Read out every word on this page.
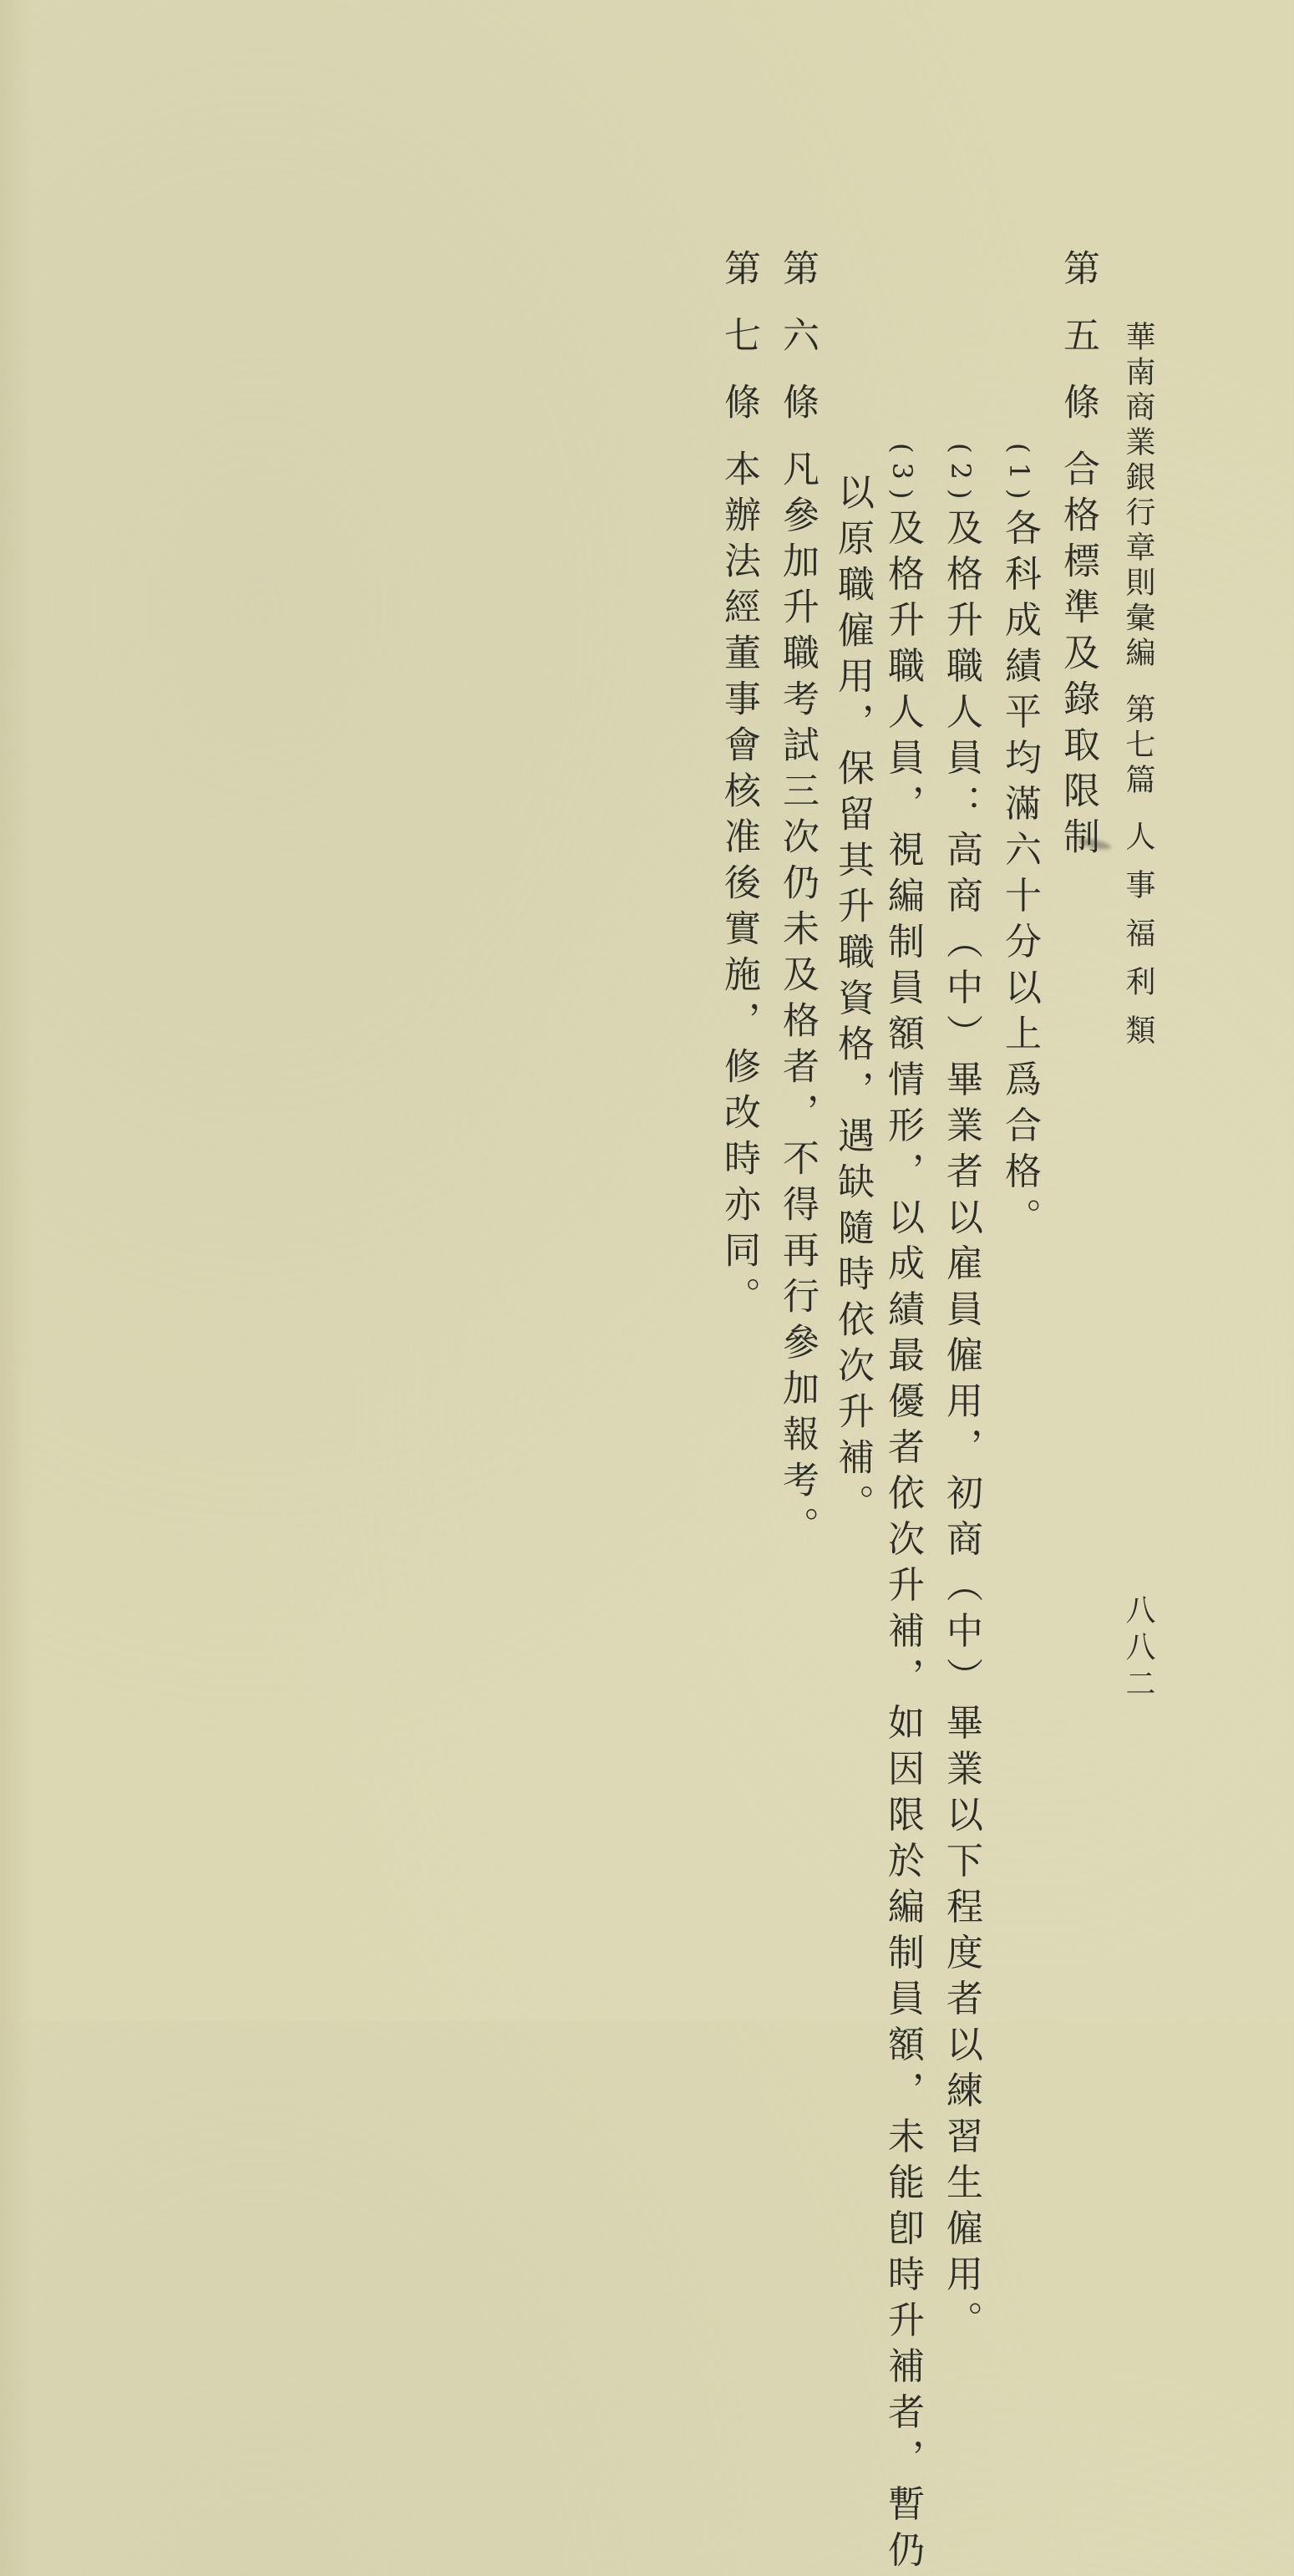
華南商業銀行章則彙編第七篇人事福利類
八八二
第五條合格標準及錄取限制
(1)各科成績平均滿六十分以上爲合格。
(2)及格升職人員：高商（中）畢業者以雇員僱用，初商（中）畢業以下程度者以練習生僱用。
(3)及格升職人員，視編制員額情形，以成績最優者依次升補，如因限於編制員額，未能卽時升補者，暫仍
以原職僱用，保留其升職資格，遇缺隨時依次升補。
第六條凡參加升職考試三次仍未及格者，不得再行參加報考。
第七條本辦法經董事會核准後實施，修改時亦同。
